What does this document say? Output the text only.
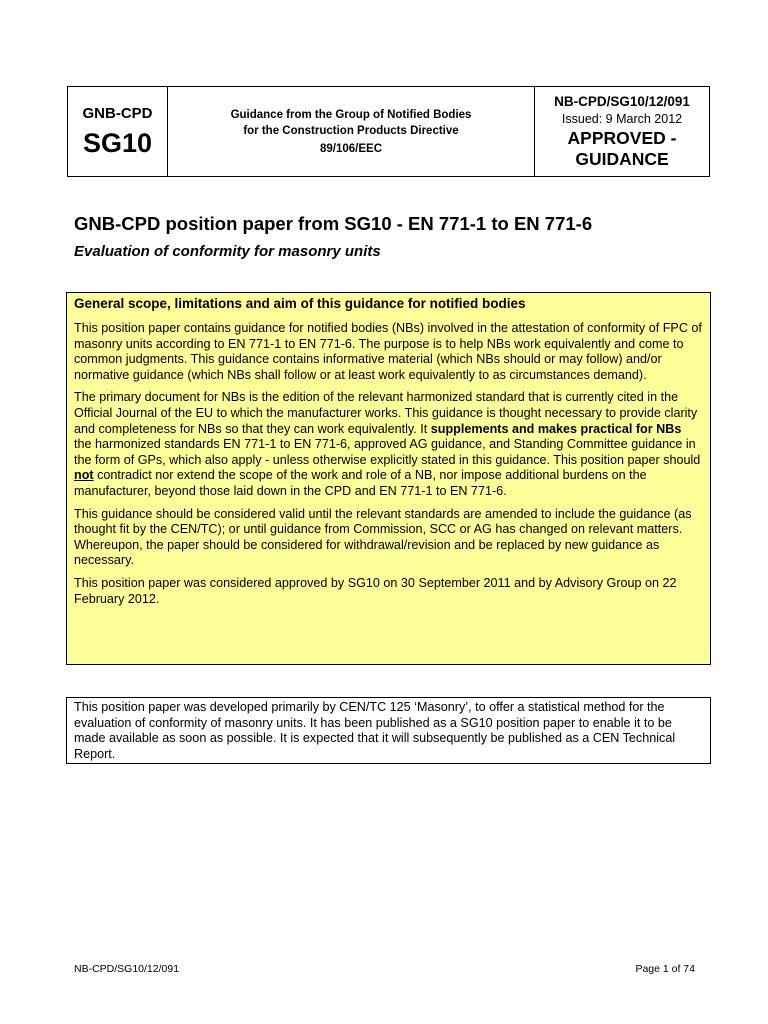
GNB-CPD
SG10
Guidance from the Group of Notified Bodies
for the Construction Products Directive
89/106/EEC
NB-CPD/SG10/12/091
Issued: 9 March 2012
APPROVED -
GUIDANCE
GNB-CPD position paper from SG10 - EN 771-1 to EN 771-6
Evaluation of conformity for masonry units
General scope, limitations and aim of this guidance for notified bodies

This position paper contains guidance for notified bodies (NBs) involved in the attestation of conformity of FPC of masonry units according to EN 771-1 to EN 771-6. The purpose is to help NBs work equivalently and come to common judgments. This guidance contains informative material (which NBs should or may follow) and/or normative guidance (which NBs shall follow or at least work equivalently to as circumstances demand).

The primary document for NBs is the edition of the relevant harmonized standard that is currently cited in the Official Journal of the EU to which the manufacturer works. This guidance is thought necessary to provide clarity and completeness for NBs so that they can work equivalently. It supplements and makes practical for NBs the harmonized standards EN 771-1 to EN 771-6, approved AG guidance, and Standing Committee guidance in the form of GPs, which also apply - unless otherwise explicitly stated in this guidance. This position paper should not contradict nor extend the scope of the work and role of a NB, nor impose additional burdens on the manufacturer, beyond those laid down in the CPD and EN 771-1 to EN 771-6.

This guidance should be considered valid until the relevant standards are amended to include the guidance (as thought fit by the CEN/TC); or until guidance from Commission, SCC or AG has changed on relevant matters. Whereupon, the paper should be considered for withdrawal/revision and be replaced by new guidance as necessary.

This position paper was considered approved by SG10 on 30 September 2011 and by Advisory Group on 22 February 2012.

This position paper was developed primarily by CEN/TC 125 ‘Masonry’, to offer a statistical method for the evaluation of conformity of masonry units. It has been published as a SG10 position paper to enable it to be made available as soon as possible. It is expected that it will subsequently be published as a CEN Technical Report.
NB-CPD/SG10/12/091	Page 1 of 74
